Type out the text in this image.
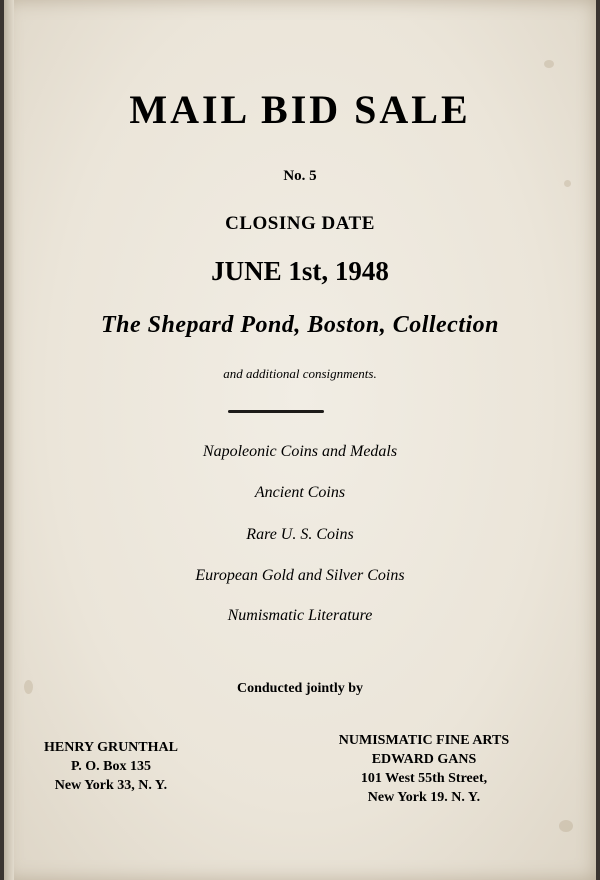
MAIL BID SALE
No. 5
CLOSING DATE
JUNE 1st, 1948
The Shepard Pond, Boston, Collection
and additional consignments.
Napoleonic Coins and Medals
Ancient Coins
Rare U. S. Coins
European Gold and Silver Coins
Numismatic Literature
Conducted jointly by
HENRY GRUNTHAL
P. O. Box 135
New York 33, N. Y.
NUMISMATIC FINE ARTS
EDWARD GANS
101 West 55th Street,
New York 19. N. Y.
